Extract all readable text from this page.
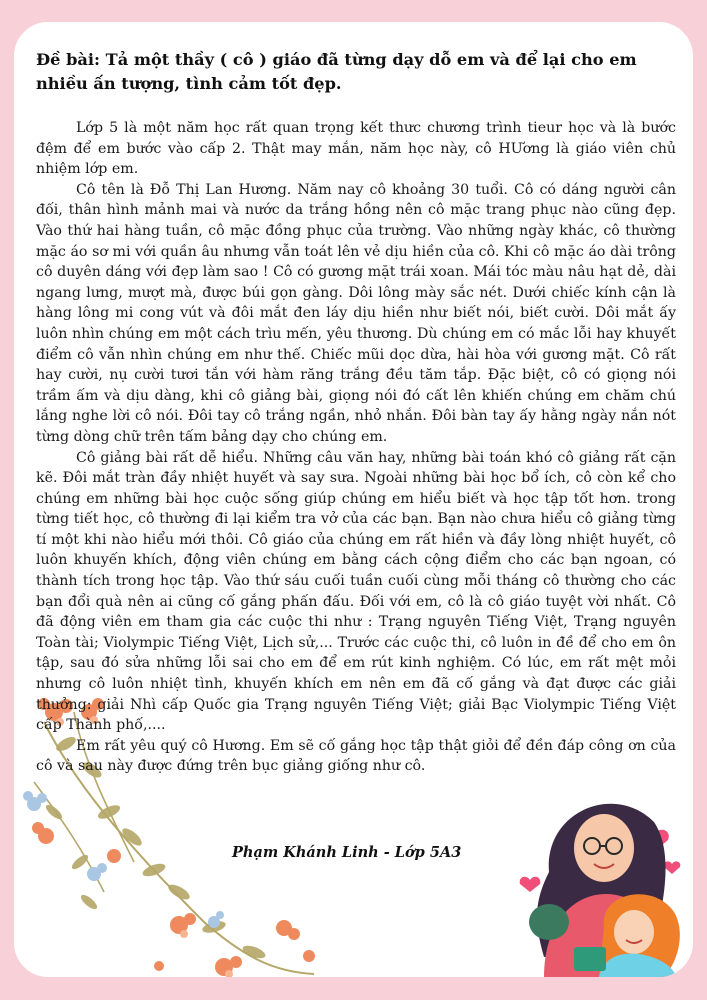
Đề bài: Tả một thầy ( cô ) giáo đã từng dạy dỗ em và để lại cho em nhiều ấn tượng, tình cảm tốt đẹp.

Lớp 5 là một năm học rất quan trọng kết thưc chương trình tieur học và là bước đệm để em bước vào cấp 2. Thật may mắn, năm học này, cô HƯơng là giáo viên chủ nhiệm lớp em.

Cô tên là Đỗ Thị Lan Hương. Năm nay cô khoảng 30 tuổi. Cô có dáng người cân đối, thân hình mảnh mai và nước da trắng hồng nên cô mặc trang phục nào cũng đẹp. Vào thứ hai hàng tuần, cô mặc đồng phục của trường. Vào những ngày khác, cô thường mặc áo sơ mi với quần âu nhưng vẫn toát lên vẻ dịu hiền của cô. Khi cô mặc áo dài trông cô duyên dáng với đẹp làm sao ! Cô có gương mặt trái xoan. Mái tóc màu nâu hạt dẻ, dài ngang lưng, mượt mà, được búi gọn gàng. Dôi lông mày sắc nét. Dưới chiếc kính cận là hàng lông mi cong vút và đôi mắt đen láy dịu hiền như biết nói, biết cười. Dôi mắt ấy luôn nhìn chúng em một cách trìu mến, yêu thương. Dù chúng em có mắc lỗi hay khuyết điểm cô vẫn nhìn chúng em như thế. Chiếc mũi dọc dừa, hài hòa với gương mặt. Cô rất hay cười, nụ cười tươi tắn với hàm răng trắng đều tăm tắp. Đặc biệt, cô có giọng nói trầm ấm và dịu dàng, khi cô giảng bài, giọng nói đó cất lên khiến chúng em chăm chú lắng nghe lời cô nói. Đôi tay cô trắng ngần, nhỏ nhắn. Đôi bàn tay ấy hằng ngày nắn nót từng dòng chữ trên tấm bảng dạy cho chúng em.

Cô giảng bài rất dễ hiểu. Những câu văn hay, những bài toán khó cô giảng rất cặn kẽ. Đôi mắt tràn đầy nhiệt huyết và say sưa. Ngoài những bài học bổ ích, cô còn kể cho chúng em những bài học cuộc sống giúp chúng em hiểu biết và học tập tốt hơn. trong từng tiết học, cô thường đi lại kiểm tra vở của các bạn. Bạn nào chưa hiểu cô giảng từng tí một khi nào hiểu mới thôi. Cô giáo của chúng em rất hiền và đầy lòng nhiệt huyết, cô luôn khuyến khích, động viên chúng em bằng cách cộng điểm cho các bạn ngoan, có thành tích trong học tập. Vào thứ sáu cuối tuần cuối cùng mỗi tháng cô thường cho các bạn đổi quà nên ai cũng cố gắng phấn đấu. Đối với em, cô là cô giáo tuyệt vời nhất. Cô đã động viên em tham gia các cuộc thi như : Trạng nguyên Tiếng Việt, Trạng nguyên Toàn tài; Violympic Tiếng Việt, Lịch sử,... Trước các cuộc thi, cô luôn in đề để cho em ôn tập, sau đó sửa những lỗi sai cho em để em rút kinh nghiệm. Có lúc, em rất mệt mỏi nhưng cô luôn nhiệt tình, khuyến khích em nên em đã cố gắng và đạt được các giải thưởng: giải Nhì cấp Quốc gia Trạng nguyên Tiếng Việt; giải Bạc Violympic Tiếng Việt cấp Thành phố,....

Em rất yêu quý cô Hương. Em sẽ cố gắng học tập thật giỏi để đền đáp công ơn của cô và sau này được đứng trên bục giảng giống như cô.

Phạm Khánh Linh - Lớp 5A3
